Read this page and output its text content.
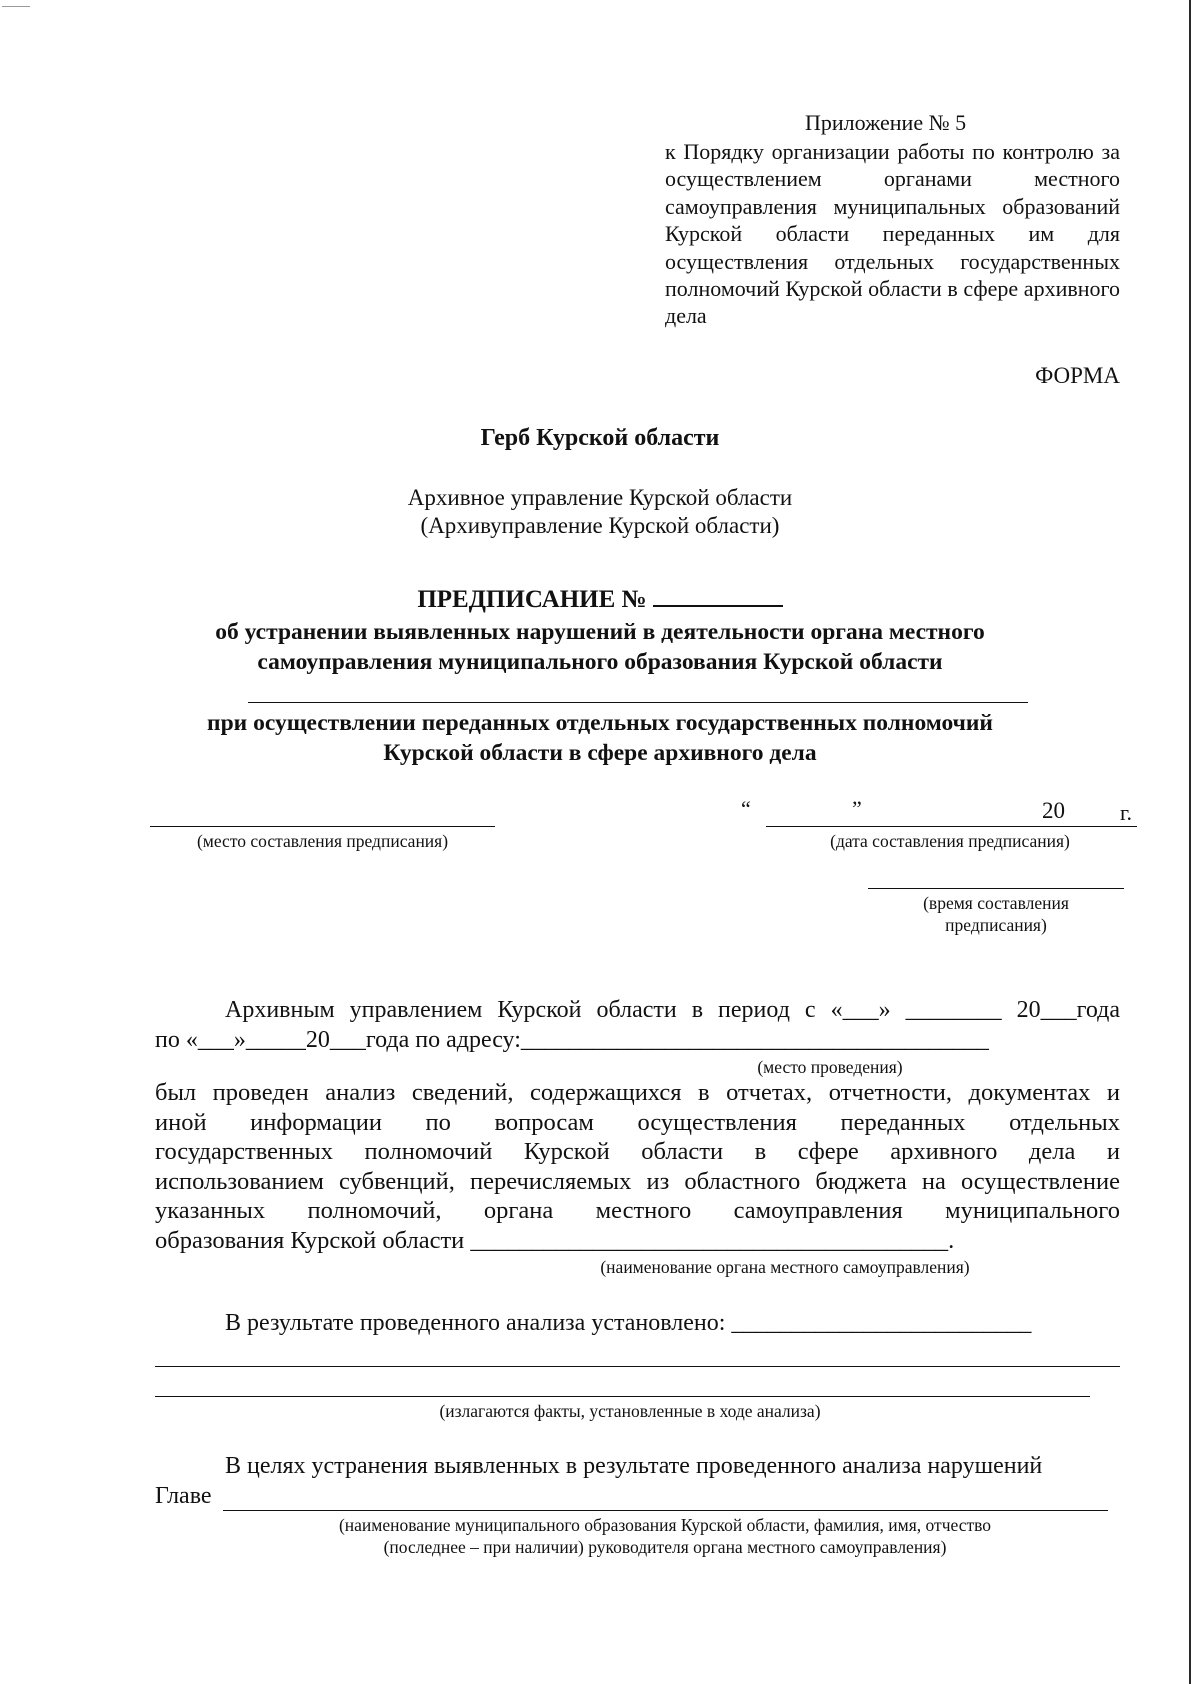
Приложение № 5
к Порядку организации работы по контролю за осуществлением органами местного самоуправления муниципальных образований Курской области переданных им для осуществления отдельных государственных полномочий Курской области в сфере архивного дела
ФОРМА
Герб Курской области
Архивное управление Курской области
(Архивуправление Курской области)
ПРЕДПИСАНИЕ №
об устранении выявленных нарушений в деятельности органа местного
самоуправления муниципального образования Курской области
при осуществлении переданных отдельных государственных полномочий
Курской области в сфере архивного дела
(место составления предписания)
“	”	20	г.
(дата составления предписания)
(время составления
предписания)
Архивным управлением Курской области в период с «___» ________ 20___года
по «___»_____20___года по адресу:_______________________________________
(место проведения)
был проведен анализ сведений, содержащихся в отчетах, отчетности, документах и
иной информации по вопросам осуществления переданных отдельных
государственных полномочий Курской области в сфере архивного дела и
использованием субвенций, перечисляемых из областного бюджета на осуществление
указанных полномочий, органа местного самоуправления муниципального
образования Курской области _______________________________________.
(наименование органа местного самоуправления)
В результате проведенного анализа установлено: _________________________
(излагаются факты, установленные в ходе анализа)
В целях устранения выявленных в результате проведенного анализа нарушений
Главе
(наименование муниципального образования Курской области, фамилия, имя, отчество
(последнее – при наличии) руководителя органа местного самоуправления)
